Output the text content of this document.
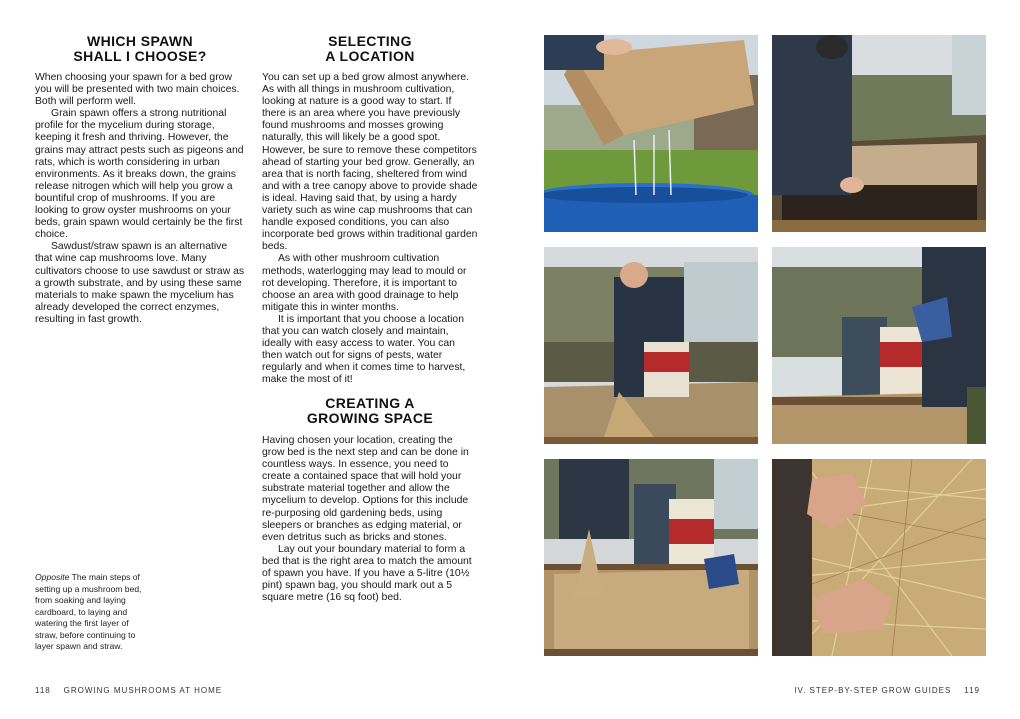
WHICH SPAWN
SHALL I CHOOSE?

When choosing your spawn for a bed grow you will be presented with two main choices. Both will perform well.

Grain spawn offers a strong nutritional profile for the mycelium during storage, keeping it fresh and thriving. However, the grains may attract pests such as pigeons and rats, which is worth considering in urban environments. As it breaks down, the grains release nitrogen which will help you grow a bountiful crop of mushrooms. If you are looking to grow oyster mushrooms on your beds, grain spawn would certainly be the first choice.

Sawdust/straw spawn is an alternative that wine cap mushrooms love. Many cultivators choose to use sawdust or straw as a growth substrate, and by using these same materials to make spawn the mycelium has already developed the correct enzymes, resulting in fast growth.

SELECTING
A LOCATION

You can set up a bed grow almost anywhere. As with all things in mushroom cultivation, looking at nature is a good way to start. If there is an area where you have previously found mushrooms and mosses growing naturally, this will likely be a good spot. However, be sure to remove these competitors ahead of starting your bed grow. Generally, an area that is north facing, sheltered from wind and with a tree canopy above to provide shade is ideal. Having said that, by using a hardy variety such as wine cap mushrooms that can handle exposed conditions, you can also incorporate bed grows within traditional garden beds.

As with other mushroom cultivation methods, waterlogging may lead to mould or rot developing. Therefore, it is important to choose an area with good drainage to help mitigate this in winter months.

It is important that you choose a location that you can watch closely and maintain, ideally with easy access to water. You can then watch out for signs of pests, water regularly and when it comes time to harvest, make the most of it!

CREATING A
GROWING SPACE

Having chosen your location, creating the grow bed is the next step and can be done in countless ways. In essence, you need to create a contained space that will hold your substrate material together and allow the mycelium to develop. Options for this include re-purposing old gardening beds, using sleepers or branches as edging material, or even detritus such as bricks and stones.

Lay out your boundary material to form a bed that is the right area to match the amount of spawn you have. If you have a 5-litre (10½ pint) spawn bag, you should mark out a 5 square metre (16 sq foot) bed.

Opposite The main steps of setting up a mushroom bed, from soaking and laying cardboard, to laying and watering the first layer of straw, before continuing to layer spawn and straw.
118 GROWING MUSHROOMS AT HOME	IV. STEP-BY-STEP GROW GUIDES 119
